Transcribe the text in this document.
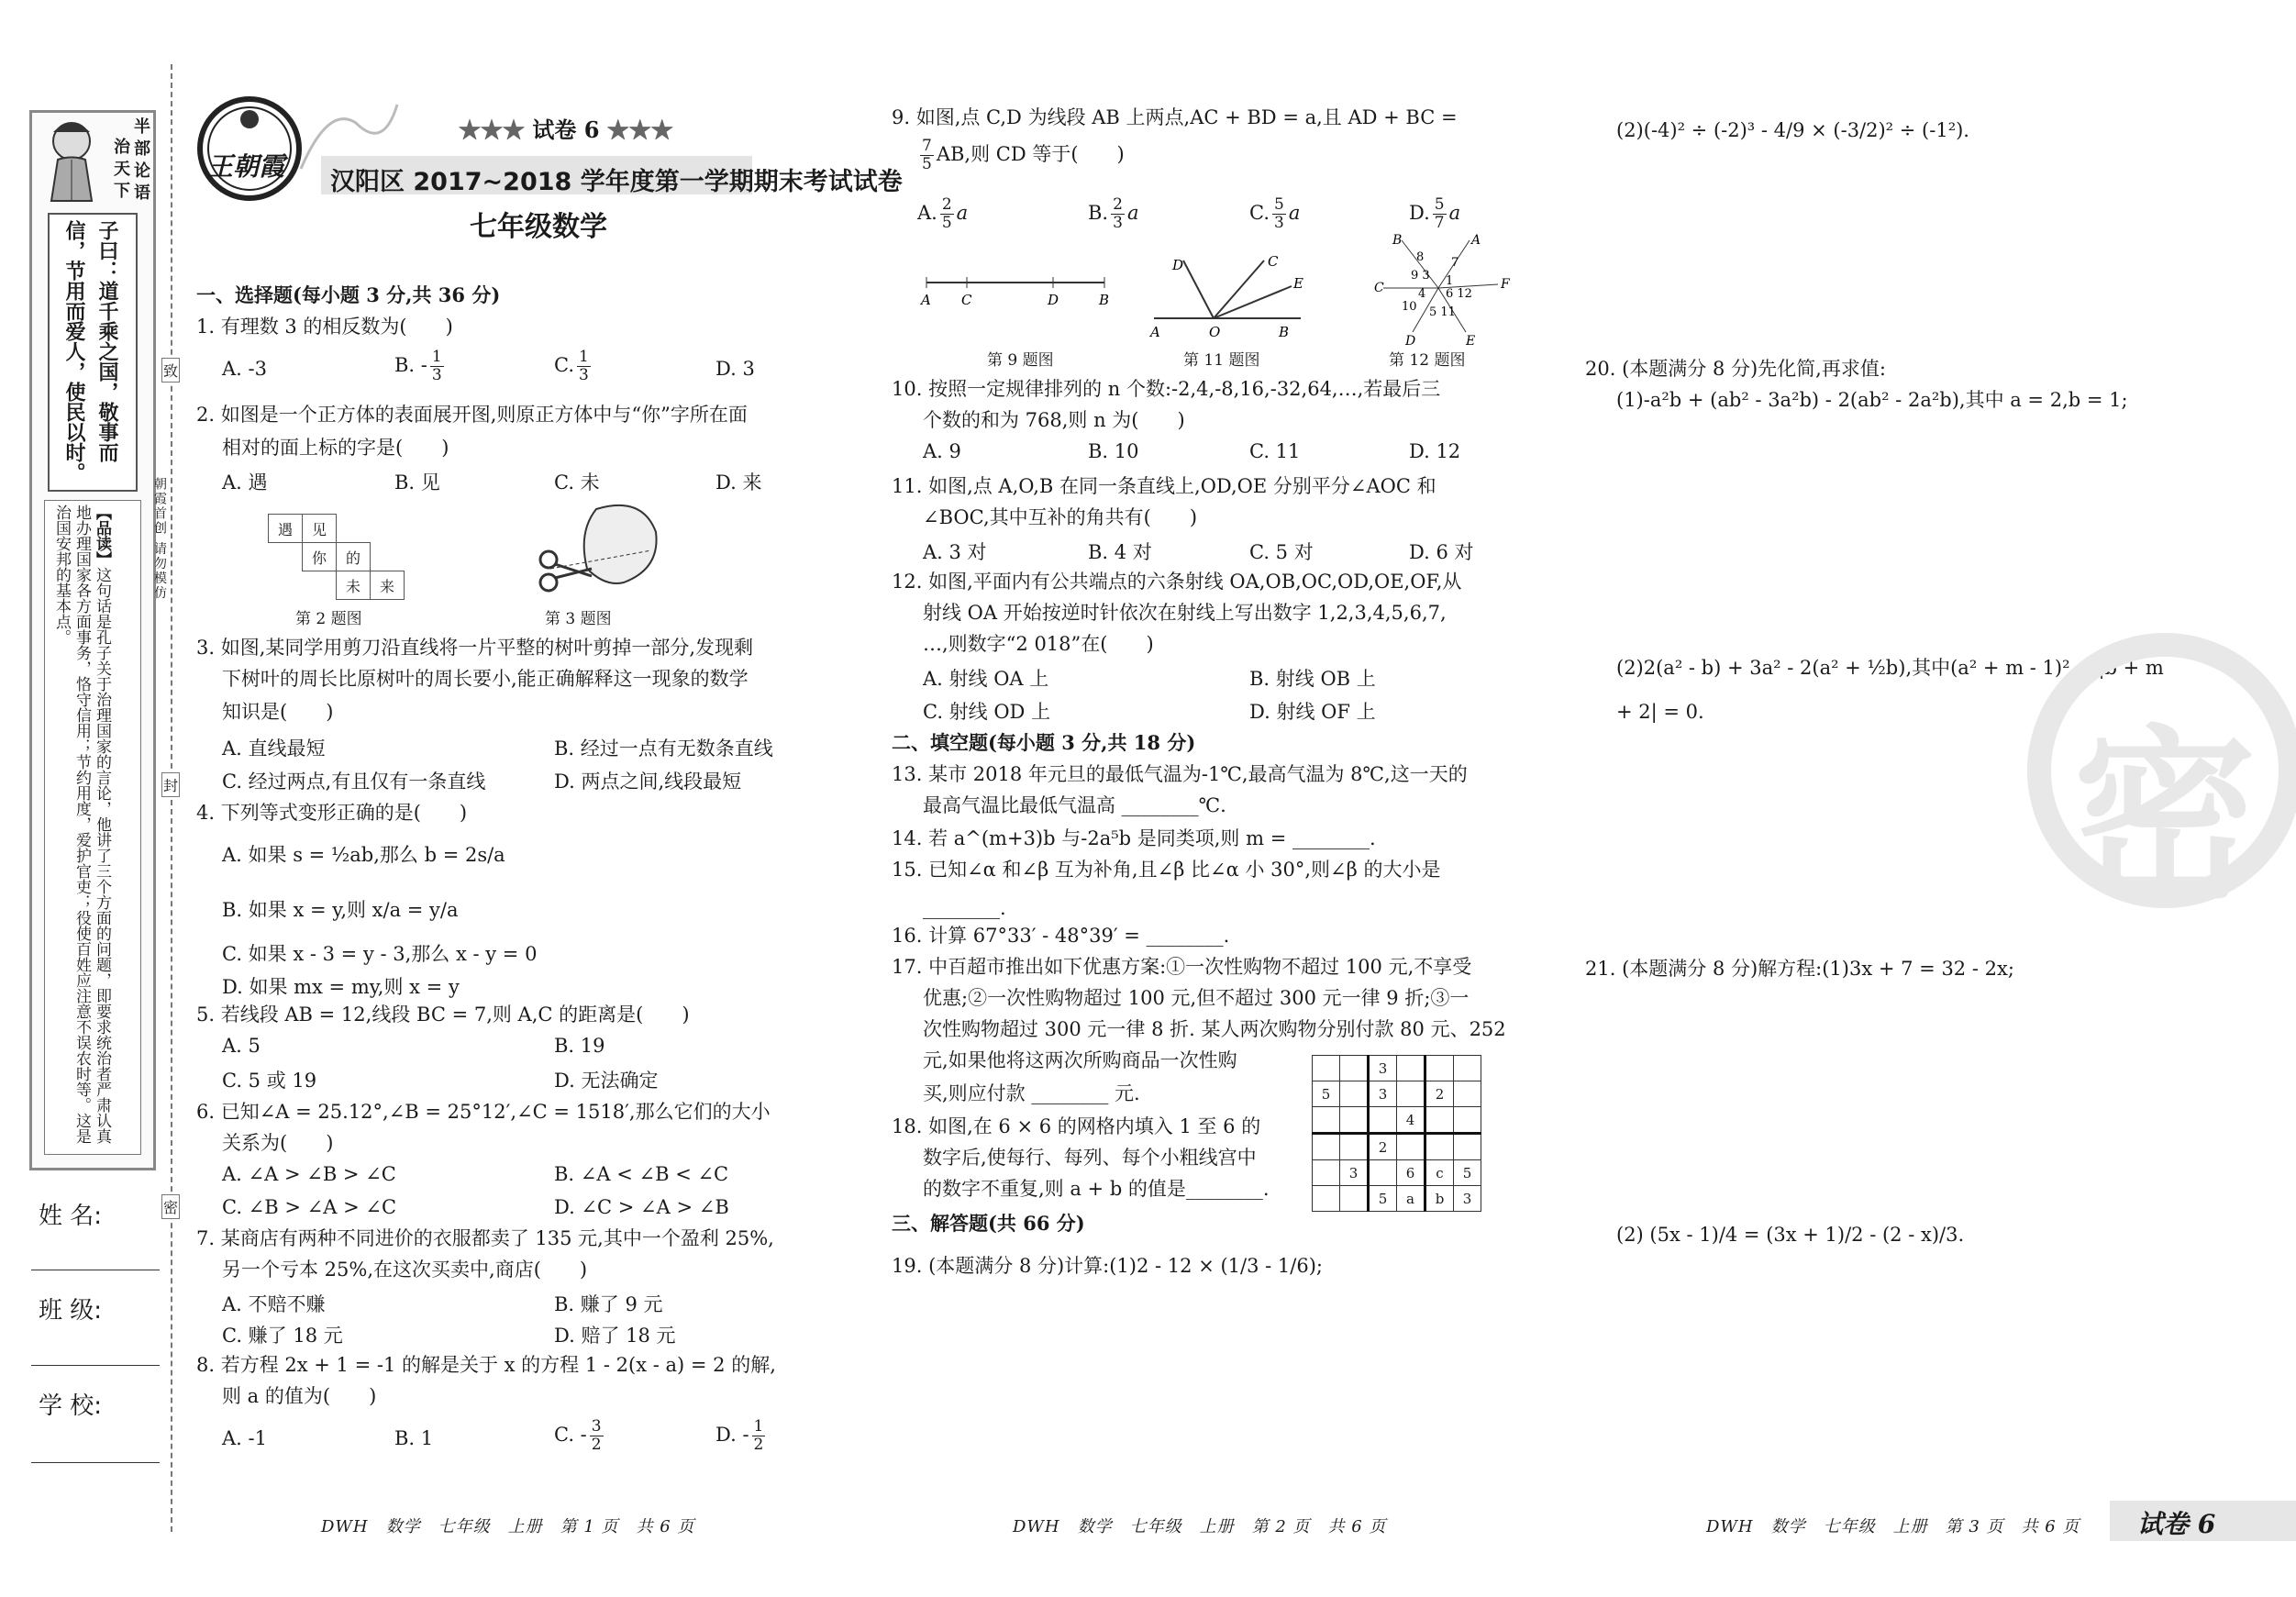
半部论语
治天下
子曰：道千乘之国，敬事而信，节用而爱人，使民以时。
【品读】这句话是孔子关于治理国家的言论，他讲了三个方面的问题，即要求统治者严肃认真地办理国家各方面事务，恪守信用；节约用度，爱护官吏；役使百姓应注意不误农时等。这是治国安邦的基本点。
姓 名:
班 级:
学 校:
致
封
密
朝霞首创 请勿模仿
王朝霞
★★★ 试卷 6 ★★★
汉阳区 2017~2018 学年度第一学期期末考试试卷
七年级数学
一、选择题(每小题 3 分,共 36 分)
1. 有理数 3 的相反数为(　　)
A. -3	B. - $\frac{1}{3}$	C. $\frac{1}{3}$	D. 3
2. 如图是一个正方体的表面展开图,则原正方体中与“你”字所在面
相对的面上标的字是(　　)
A. 遇	B. 见	C. 未	D. 来
遇	见		
	你	的	
		未	来
第 2 题图	第 3 题图
3. 如图,某同学用剪刀沿直线将一片平整的树叶剪掉一部分,发现剩
下树叶的周长比原树叶的周长要小,能正确解释这一现象的数学
知识是(　　)
A. 直线最短	B. 经过一点有无数条直线
C. 经过两点,有且仅有一条直线	D. 两点之间,线段最短
4. 下列等式变形正确的是(　　)
A. 如果 s = ½ab,那么 b = 2s/a
B. 如果 x = y,则 x/a = y/a
C. 如果 x - 3 = y - 3,那么 x - y = 0
D. 如果 mx = my,则 x = y
5. 若线段 AB = 12,线段 BC = 7,则 A,C 的距离是(　　)
A. 5	B. 19
C. 5 或 19	D. 无法确定
6. 已知∠A = 25.12°,∠B = 25°12′,∠C = 1518′,那么它们的大小
关系为(　　)
A. ∠A > ∠B > ∠C	B. ∠A < ∠B < ∠C
C. ∠B > ∠A > ∠C	D. ∠C > ∠A > ∠B
7. 某商店有两种不同进价的衣服都卖了 135 元,其中一个盈利 25%,
另一个亏本 25%,在这次买卖中,商店(　　)
A. 不赔不赚	B. 赚了 9 元
C. 赚了 18 元	D. 赔了 18 元
8. 若方程 2x + 1 = -1 的解是关于 x 的方程 1 - 2(x - a) = 2 的解,
则 a 的值为(　　)
A. -1	B. 1	C. - $\frac{3}{2}$	D. - $\frac{1}{2}$
DWH　数学　七年级　上册　第 1 页　共 6 页
9. 如图,点 C,D 为线段 AB 上两点,AC + BD = a,且 AD + BC =
$\frac{7}{5}$ AB,则 CD 等于(　　)
A. $\frac{2}{5}$ a	B. $\frac{2}{3}$ a	C. $\frac{5}{3}$ a	D. $\frac{5}{7}$ a
A C	D	B
D	C
E
A	O	B
B	A
C	F
D	E
9 3
7
8
1
4 6 12
10 5 11
第 9 题图	第 11 题图	第 12 题图
10. 按照一定规律排列的 n 个数:-2,4,-8,16,-32,64,…,若最后三
个数的和为 768,则 n 为(　　)
A. 9	B. 10	C. 11	D. 12
11. 如图,点 A,O,B 在同一条直线上,OD,OE 分别平分∠AOC 和
∠BOC,其中互补的角共有(　　)
A. 3 对	B. 4 对	C. 5 对	D. 6 对
12. 如图,平面内有公共端点的六条射线 OA,OB,OC,OD,OE,OF,从
射线 OA 开始按逆时针依次在射线上写出数字 1,2,3,4,5,6,7,
…,则数字“2 018”在(　　)
A. 射线 OA 上	B. 射线 OB 上
C. 射线 OD 上	D. 射线 OF 上
二、填空题(每小题 3 分,共 18 分)
13. 某市 2018 年元旦的最低气温为-1℃,最高气温为 8℃,这一天的
最高气温比最低气温高 ________℃.
14. 若 a^(m+3)b 与-2a⁵b 是同类项,则 m = ________.
15. 已知∠α 和∠β 互为补角,且∠β 比∠α 小 30°,则∠β 的大小是
________.
16. 计算 67°33′ - 48°39′ = ________.
17. 中百超市推出如下优惠方案:①一次性购物不超过 100 元,不享受
优惠;②一次性购物超过 100 元,但不超过 300 元一律 9 折;③一
次性购物超过 300 元一律 8 折. 某人两次购物分别付款 80 元、252
元,如果他将这两次所购商品一次性购
买,则应付款 ________ 元.
18. 如图,在 6 × 6 的网格内填入 1 至 6 的
数字后,使每行、每列、每个小粗线宫中
的数字不重复,则 a + b 的值是________.
		3			
5		3		2	
			4		
		2			
	3		6	c	5
		5	a	b	3
三、解答题(共 66 分)
19. (本题满分 8 分)计算:(1)2 - 12 × (1/3 - 1/6);
DWH　数学　七年级　上册　第 2 页　共 6 页
(2)(-4)² ÷ (-2)³ - 4/9 × (-3/2)² ÷ (-1²).
20. (本题满分 8 分)先化简,再求值:
(1)-a²b + (ab² - 3a²b) - 2(ab² - 2a²b),其中 a = 2,b = 1;
(2)2(a² - b) + 3a² - 2(a² + ½b),其中(a² + m - 1)² + |b + m
+ 2| = 0.
21. (本题满分 8 分)解方程:(1)3x + 7 = 32 - 2x;
(2) (5x - 1)/4 = (3x + 1)/2 - (2 - x)/3.
密
DWH　数学　七年级　上册　第 3 页　共 6 页 试卷 6
